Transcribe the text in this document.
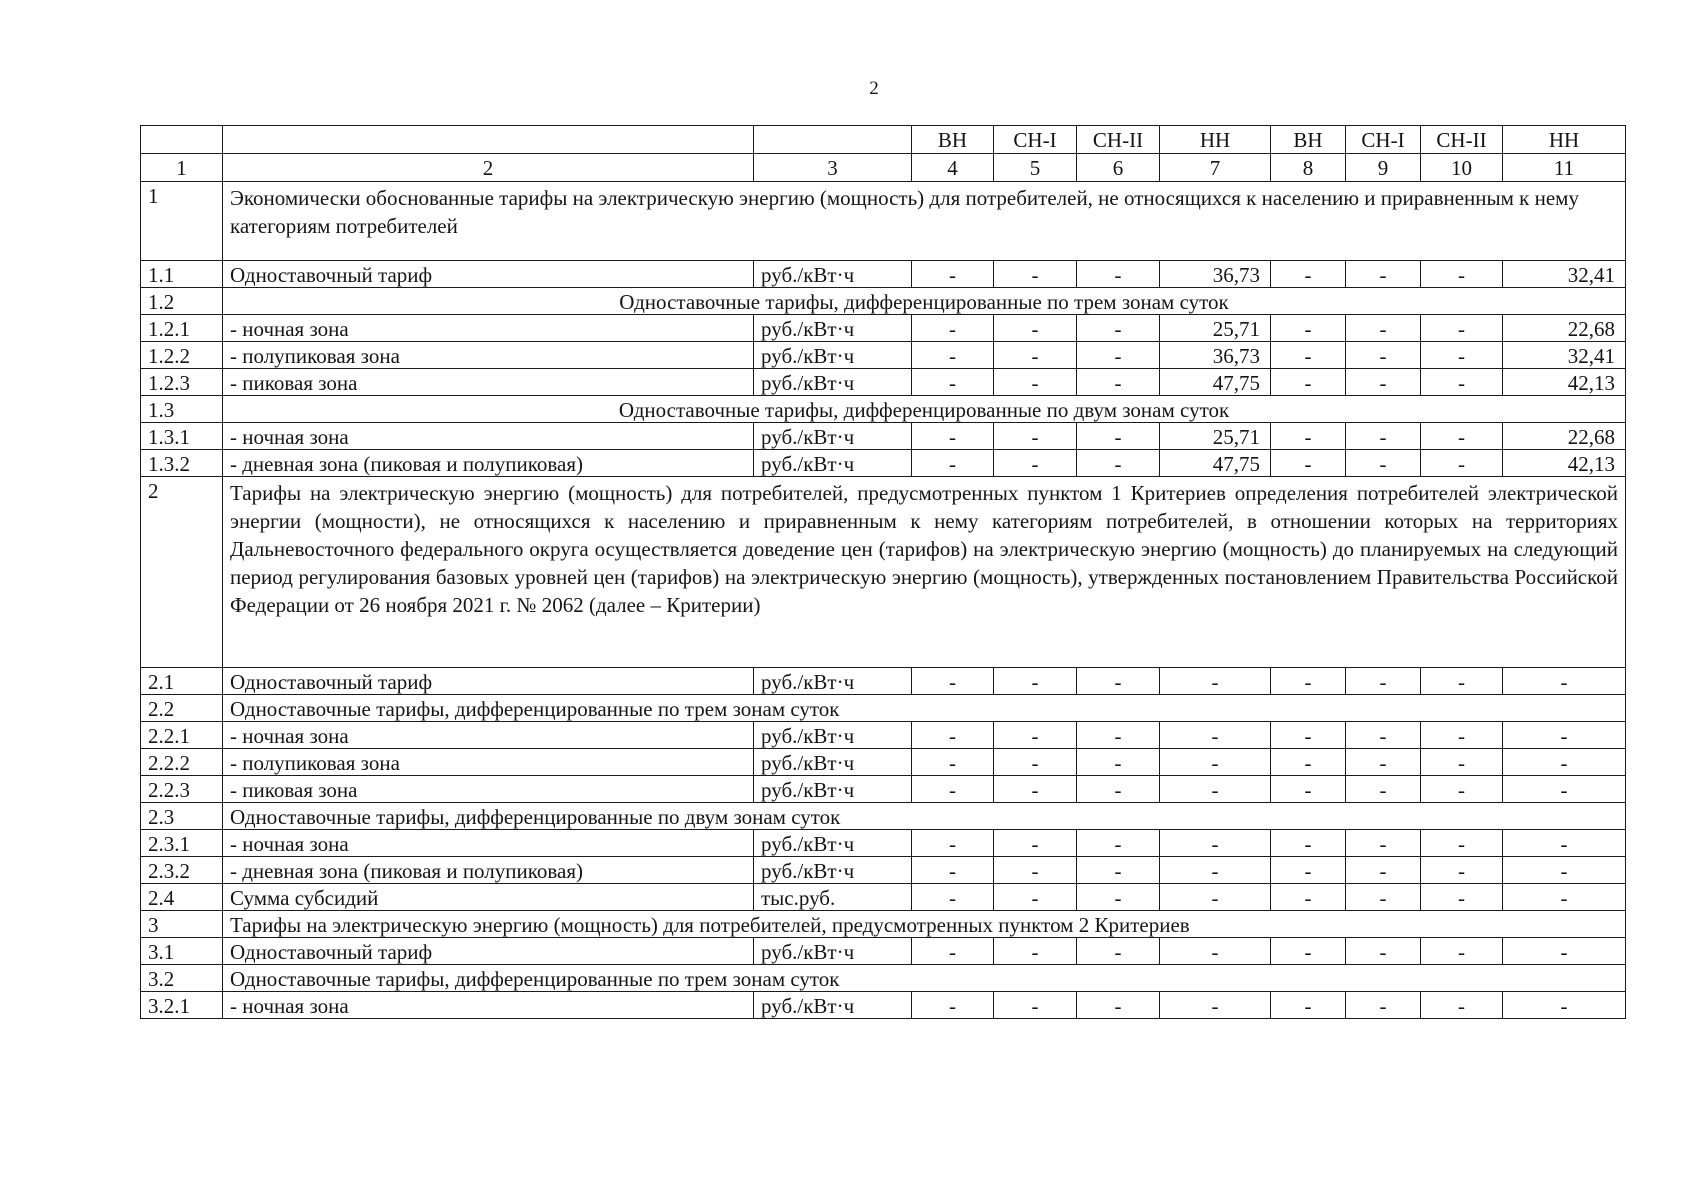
2
			ВН	СН-I	СН-II	НН	ВН	СН-I	СН-II	НН
1	2	3	4	5	6	7	8	9	10	11
1	Экономически обоснованные тарифы на электрическую энергию (мощность) для потребителей, не относящихся к населению и приравненным к нему категориям потребителей									
1.1	Одноставочный тариф	руб./кВт·ч	-	-	-	36,73	-	-	-	32,41
1.2	Одноставочные тарифы, дифференцированные по трем зонам суток									
1.2.1	- ночная зона	руб./кВт·ч	-	-	-	25,71	-	-	-	22,68
1.2.2	- полупиковая зона	руб./кВт·ч	-	-	-	36,73	-	-	-	32,41
1.2.3	- пиковая зона	руб./кВт·ч	-	-	-	47,75	-	-	-	42,13
1.3	Одноставочные тарифы, дифференцированные по двум зонам суток									
1.3.1	- ночная зона	руб./кВт·ч	-	-	-	25,71	-	-	-	22,68
1.3.2	- дневная зона (пиковая и полупиковая)	руб./кВт·ч	-	-	-	47,75	-	-	-	42,13
2	Тарифы на электрическую энергию (мощность) для потребителей, предусмотренных пунктом 1 Критериев определения потребителей электрической энергии (мощности), не относящихся к населению и приравненным к нему категориям потребителей, в отношении которых на территориях Дальневосточного федерального округа осуществляется доведение цен (тарифов) на электрическую энергию (мощность) до планируемых на следующий период регулирования базовых уровней цен (тарифов) на электрическую энергию (мощность), утвержденных постановлением Правительства Российской Федерации от 26 ноября 2021 г. № 2062 (далее – Критерии)									
2.1	Одноставочный тариф	руб./кВт·ч	-	-	-	-	-	-	-	-
2.2	Одноставочные тарифы, дифференцированные по трем зонам суток									
2.2.1	- ночная зона	руб./кВт·ч	-	-	-	-	-	-	-	-
2.2.2	- полупиковая зона	руб./кВт·ч	-	-	-	-	-	-	-	-
2.2.3	- пиковая зона	руб./кВт·ч	-	-	-	-	-	-	-	-
2.3	Одноставочные тарифы, дифференцированные по двум зонам суток									
2.3.1	- ночная зона	руб./кВт·ч	-	-	-	-	-	-	-	-
2.3.2	- дневная зона (пиковая и полупиковая)	руб./кВт·ч	-	-	-	-	-	-	-	-
2.4	Сумма субсидий	тыс.руб.	-	-	-	-	-	-	-	-
3	Тарифы на электрическую энергию (мощность) для потребителей, предусмотренных пунктом 2 Критериев									
3.1	Одноставочный тариф	руб./кВт·ч	-	-	-	-	-	-	-	-
3.2	Одноставочные тарифы, дифференцированные по трем зонам суток									
3.2.1	- ночная зона	руб./кВт·ч	-	-	-	-	-	-	-	-
